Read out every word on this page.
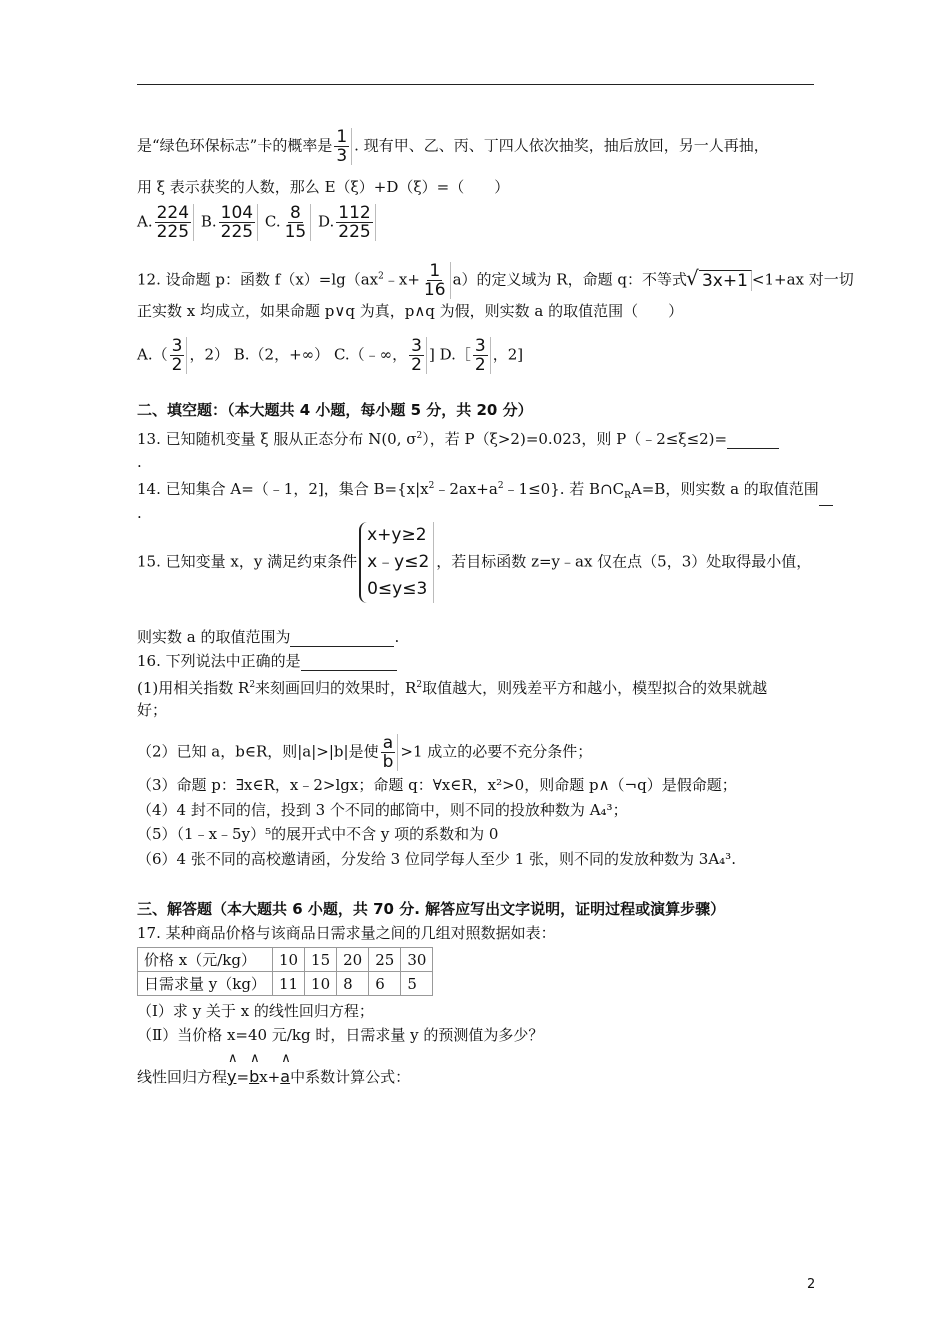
是“绿色环保标志”卡的概率是 $\frac{1}{3}$ . 现有甲、乙、丙、丁四人依次抽奖，抽后放回，另一人再抽，
用 ξ 表示获奖的人数，那么 E（ξ）+D（ξ）=（　　）
A. $\frac{224}{225} B$. $\frac{104}{225} C$. $\frac{8}{15} D$. $\frac{112}{225}$
12. 设命题 p：函数 $f(x)=\lg(ax^2﹣x+ \frac{1}{16} a)$的定义域为 R，命题 q：不等式 √ 3x+1 <1+ax 对一切
正实数 x 均成立，如果命题 p∨q 为真，p∧q 为假，则实数 a 的取值范围（　　）
$A.( \frac{3}{2}$ ，2） B.（2，+∞） C.（﹣∞， $\frac{3}{2}$ ] D.［ $\frac{3}{2}$ ，2]
二、填空题：（本大题共 4 小题，每小题 5 分，共 20 分）
13. 已知随机变量 ξ 服从正态分布 N(0, $\sigma^2$），若 P（ξ>2)=0.023，则 P（﹣2≤ξ≤2)=
.
14. 已知集合 A=（﹣1，2]，集合 $B=\{x|x^2﹣2ax+a^2﹣1\le 0\}$. 若 $B\cap C_RA=B$，则实数 a 的取值范围
.
15. 已知变量 x，y 满足约束条件x+y≥2
x﹣y≤2
0≤y≤3，若目标函数 z=y﹣ax 仅在点（5，3）处取得最小值，
则实数 a 的取值范围为	.
16. 下列说法中正确的是
(1)用相关指数 $R^2$来刻画回归的效果时，$R^2$取值越大，则残差平方和越小，模型拟合的效果就越
好；
（2）已知 a，b∈R，则|a|>|b|是使 $\frac{a}{b} >1$ 成立的必要不充分条件；
（3）命题 p：∃x∈R，x﹣2>lgx；命题 q：∀x∈R，x²>0，则命题 p∧（¬q）是假命题；
（4）4 封不同的信，投到 3 个不同的邮筒中，则不同的投放种数为 A₄³；
（5）（1﹣x﹣5y）⁵的展开式中不含 y 项的系数和为 0
（6）4 张不同的高校邀请函，分发给 3 位同学每人至少 1 张，则不同的发放种数为 3A₄³.
三、解答题（本大题共 6 小题，共 70 分. 解答应写出文字说明，证明过程或演算步骤）
17. 某种商品价格与该商品日需求量之间的几组对照数据如表：
价格 x（元/kg）	10	15	20	25	30
日需求量 y（kg）	11	10	8	6	5
（Ⅰ）求 y 关于 x 的线性回归方程；
（Ⅱ）当价格 x=40 元/kg 时，日需求量 y 的预测值为多少？
线性回归方程∧ y=∧ bx+∧ a中系数计算公式：
2
